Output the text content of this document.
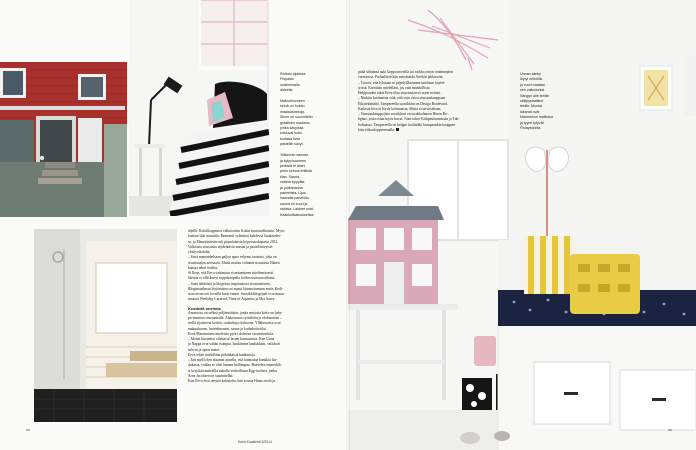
Rivitalo sijaitsee
Pispalan
uudemmalla
alueella.

Makuuhuoneen
seinä on forsan
maalaushintoja.
Sinne on suunniteltu
graafinen maalaus,
jonka sävyissä
toistuvat koko
kodissa tutut
pastellin sävyt.

Yläkerran saunan
ja kylpyhuoneen
pelkistä ei aluet
perin keinoa erillistä
tilan. Sauna,
vaiteta kylpyilta
ja putkahanna
paneelista. Ujuo,
haavalla paneloitu
sauna on suuri ja
valoisa. Laiduet ovat
Kaakkolikainukseista.
äljellä. Kohtilkappiatot valkoisettin Kokin muttavalkoisiin. Myös
kuetaat tilat muuttiin. Remontti valmistui kahdessa kuukaudes-
sa, ja Mauritinäisiin tuli pispalalaisia kypyssarakapasta 2012.
Valkoista sisustusta täydentävät mustat ja pastellisävyiset
yksityiskohdat.
– Saisi mamanhelsaan paljon apua veljensi tuusinta, joka on
sisustusalan artesaani. Mutta muistu valinnat sisustusta Hänen
kanssa tehtii itseltin.
Si Ilose, että Eeva suhtautuu sisustamiseen intohimoisesti.
Ideoita ei ollit kertyt roppakaupalla koilin etsiessän aikana.
– Saan tehdäistä ja blogeista inspiraatiota sisustamiseen.
Blogimaailmaa löytämisen sai minut kiinnostumaan myös Kodi-
sista aivan erit leveillä kutsi ennen. Suosikkiblogejani ovat muun
muassa Weekday Carnival, Time of Aquarius ja Mrs Jones.
Kestäviä unelmia
Anonuosa on selkeä pöljäestäisiin, jonka ansiosta koito on help-
po muuttaa sisustamalla. Alakerrassa syötäkäin ja olohuoneen –
siellä sijaitsevat keittiö, ruokailuja olohuone. Ylläkerrassa ovat
makuuhuone, lastenhuoneet, sauna ja kodinhoitotilat.
Eeva Mauriminen mieleisin pyöri olohieen sisustukseksta.
– Monet huonetiat oilettavat lasten kanvomista. Kun Unna
ja Nappa ovat vähän isompia, hankimme laadukkaat, valiokset
sohvat ja apeat matot.
Eeva tekee mielellään pitkäikäisiä hankintoja.
– Jäit mylli olen aikamat ajatella, että kannattaa hankkia laa-
dukasta, vaikka se olisi hinnan kalliimpaa. Haavelen esimerkik-
si korjaktivaatteiella nahalla verhoillusta Egg-tuolista, jonka
Arne Jacobsen on suunnitellut.
Kun Eeva etsii tietynä kalustetta, hän seuraa Huuto.netiä ja
xx
Kotin Kuvalehti 3/2014
pitää silmänsä auki kirppotorveilla tai vaikka onion ronbenepien
varastossa. Parhaillaan hän metsäsätää Artekin jakkaroita.
– Toivon, että lyhtiaan se pöpelyllksemme mielizun käyttä-
tyissä. Kierrätän mielelläni, jos vain mahdollista.
Helppouden takiä Eeva tilaa sisustustarvot usein netistä.
– Ninkiin kotimaisia siitä, että voin ostoa sisustuskauppaan
Eiliatekimäitä. Tampereella suosikkini on Design Boulevard.
Kaikista kiva ei löydy kotimaasta, Mutta ei tarvitsekaan.
– Sisustuskauppojista suosikkini on turukkalainen Hiuon Bo-
bghus, josta ostan myös kuvat. Nam tukee Kirkpeuhunnissan ja Tuk-
holmassa. Tampereella on helppo kotilaikki kumpaankin kauppaa-
kiin viikonloppuemaalla.
Unnan sänky
löytyi mököltä,
ja vuori maalasi
sen valkoiseksi.
Sängyn alle tehtiin
säilytyslaatikot
tekille. Mustat
lakanat ovat
Marimekon mallistoa
ja tyynit tytyvät
Finlaysonilta.
xx
